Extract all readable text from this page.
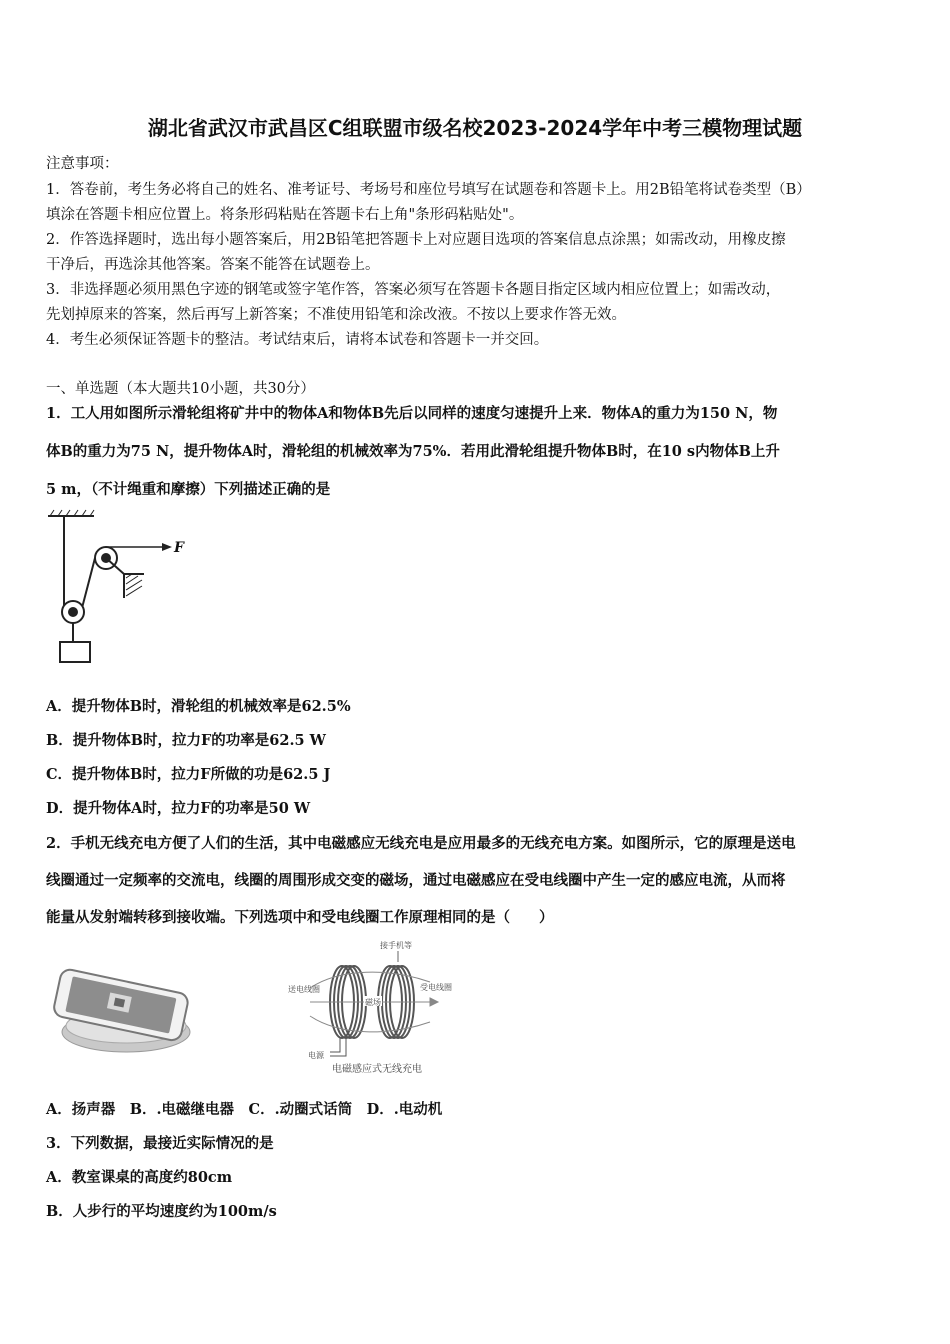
湖北省武汉市武昌区C组联盟市级名校2023-2024学年中考三模物理试题
注意事项：
1．答卷前，考生务必将自己的姓名、准考证号、考场号和座位号填写在试题卷和答题卡上。用2B铅笔将试卷类型（B）
填涂在答题卡相应位置上。将条形码粘贴在答题卡右上角"条形码粘贴处"。
2．作答选择题时，选出每小题答案后，用2B铅笔把答题卡上对应题目选项的答案信息点涂黑；如需改动，用橡皮擦
干净后，再选涂其他答案。答案不能答在试题卷上。
3．非选择题必须用黑色字迹的钢笔或签字笔作答，答案必须写在答题卡各题目指定区域内相应位置上；如需改动，
先划掉原来的答案，然后再写上新答案；不准使用铅笔和涂改液。不按以上要求作答无效。
4．考生必须保证答题卡的整洁。考试结束后，请将本试卷和答题卡一并交回。
一、单选题（本大题共10小题，共30分）
1．工人用如图所示滑轮组将矿井中的物体A和物体B先后以同样的速度匀速提升上来．物体A的重力为150 N，物
体B的重力为75 N，提升物体A时，滑轮组的机械效率为75%．若用此滑轮组提升物体B时，在10 s内物体B上升
5 m，（不计绳重和摩擦）下列描述正确的是
F
A．提升物体B时，滑轮组的机械效率是62.5%
B．提升物体B时，拉力F的功率是62.5 W
C．提升物体B时，拉力F所做的功是62.5 J
D．提升物体A时，拉力F的功率是50 W
2．手机无线充电方便了人们的生活，其中电磁感应无线充电是应用最多的无线充电方案。如图所示，它的原理是送电
线圈通过一定频率的交流电，线圈的周围形成交变的磁场，通过电磁感应在受电线圈中产生一定的感应电流，从而将
能量从发射端转移到接收端。下列选项中和受电线圈工作原理相同的是（　　）
接手机等
磁场
送电线圈	受电线圈
电源
电磁感应式无线充电
A．扬声器　B．.电磁继电器　C．.动圈式话筒　D．.电动机
3．下列数据，最接近实际情况的是
A．教室课桌的高度约80cm
B．人步行的平均速度约为100m/s
